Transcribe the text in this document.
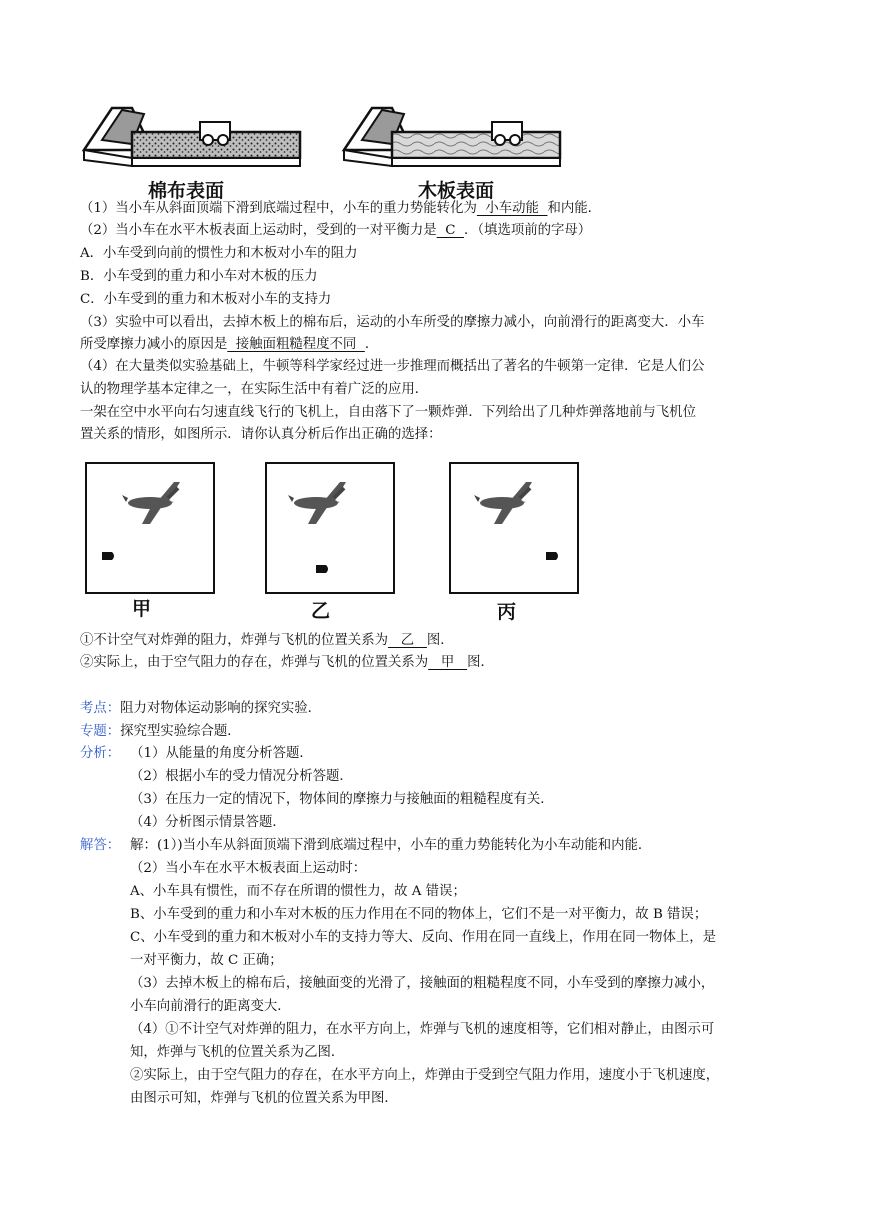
棉布表面	木板表面
（1）当小车从斜面顶端下滑到底端过程中，小车的重力势能转化为  小车动能  和内能．
（2）当小车在水平木板表面上运动时，受到的一对平衡力是  C  ．（填选项前的字母）
A．小车受到向前的惯性力和木板对小车的阻力
B．小车受到的重力和小车对木板的压力
C．小车受到的重力和木板对小车的支持力
（3）实验中可以看出，去掉木板上的棉布后，运动的小车所受的摩擦力减小，向前滑行的距离变大．小车
所受摩擦力减小的原因是  接触面粗糙程度不同  ．
（4）在大量类似实验基础上，牛顿等科学家经过进一步推理而概括出了著名的牛顿第一定律．它是人们公
认的物理学基本定律之一，在实际生活中有着广泛的应用．
一架在空中水平向右匀速直线飞行的飞机上，自由落下了一颗炸弹．下列给出了几种炸弹落地前与飞机位
置关系的情形，如图所示．请你认真分析后作出正确的选择：
甲	乙	丙
①不计空气对炸弹的阻力，炸弹与飞机的位置关系为   乙   图．
②实际上，由于空气阻力的存在，炸弹与飞机的位置关系为   甲   图．
考点：阻力对物体运动影响的探究实验．
专题：探究型实验综合题．
分析： （1）从能量的角度分析答题．
（2）根据小车的受力情况分析答题．
（3）在压力一定的情况下，物体间的摩擦力与接触面的粗糙程度有关．
（4）分析图示情景答题．
解答： 解：(1）)当小车从斜面顶端下滑到底端过程中，小车的重力势能转化为小车动能和内能．
（2）当小车在水平木板表面上运动时：
A、小车具有惯性，而不存在所谓的惯性力，故 A 错误；
B、小车受到的重力和小车对木板的压力作用在不同的物体上，它们不是一对平衡力，故 B 错误；
C、小车受到的重力和木板对小车的支持力等大、反向、作用在同一直线上，作用在同一物体上，是
一对平衡力，故 C 正确；
（3）去掉木板上的棉布后，接触面变的光滑了，接触面的粗糙程度不同，小车受到的摩擦力减小，
小车向前滑行的距离变大．
（4）①不计空气对炸弹的阻力，在水平方向上，炸弹与飞机的速度相等，它们相对静止，由图示可
知，炸弹与飞机的位置关系为乙图．
②实际上，由于空气阻力的存在，在水平方向上，炸弹由于受到空气阻力作用，速度小于飞机速度，
由图示可知，炸弹与飞机的位置关系为甲图．
